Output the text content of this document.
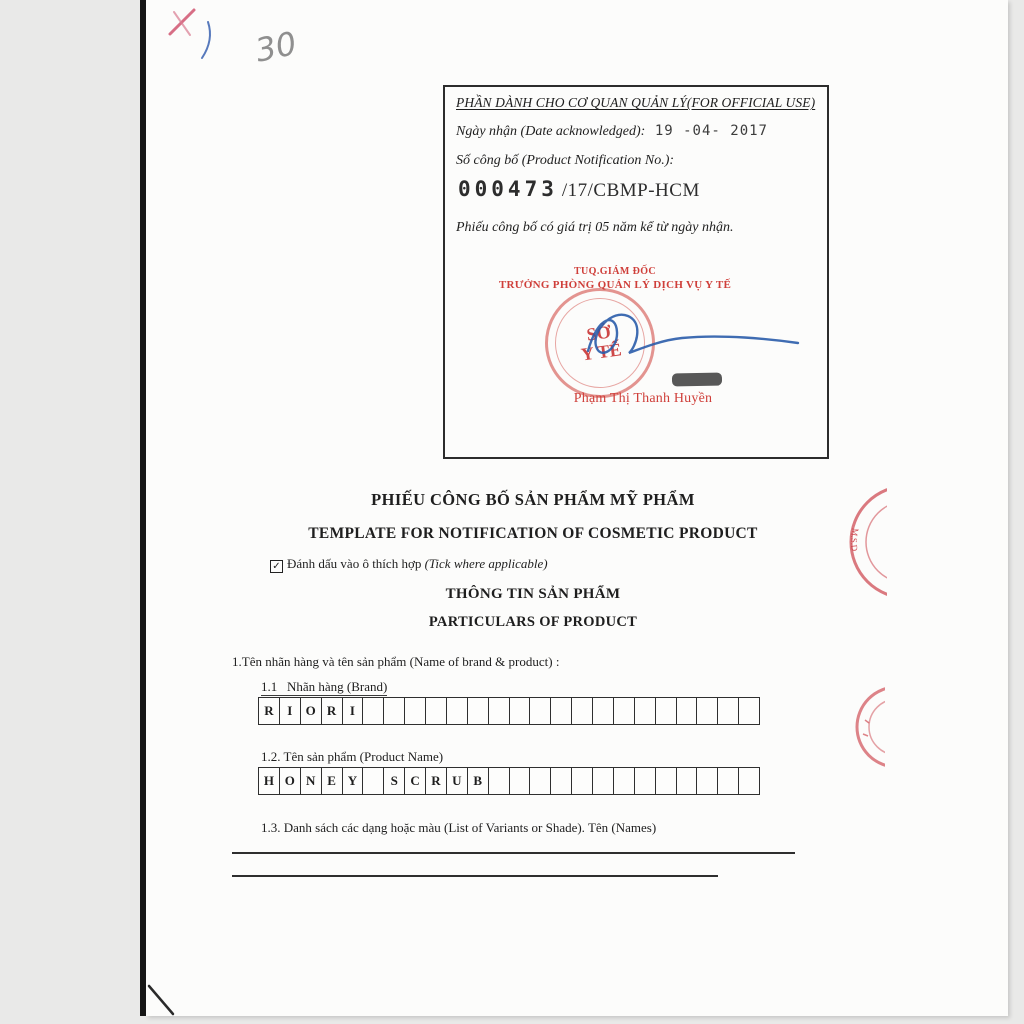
30
PHẦN DÀNH CHO CƠ QUAN QUẢN LÝ(FOR OFFICIAL USE)
Ngày nhận (Date acknowledged): 19 -04- 2017
Số công bố (Product Notification No.):
000473 /17/CBMP-HCM
Phiếu công bố có giá trị 05 năm kể từ ngày nhận.
TUQ.GIÁM ĐỐC
TRƯỞNG PHÒNG QUẢN LÝ DỊCH VỤ Y TẾ
SỞ
Y TẾ
Phạm Thị Thanh Huyền
PHIẾU CÔNG BỐ SẢN PHẨM MỸ PHẨM
TEMPLATE FOR NOTIFICATION OF COSMETIC PRODUCT
✓ Đánh dấu vào ô thích hợp (Tick where applicable)
THÔNG TIN SẢN PHẨM
PARTICULARS OF PRODUCT
1.Tên nhãn hàng và tên sản phẩm (Name of brand & product) :
1.1   Nhãn hàng (Brand)
R	I	O R	I
1.2. Tên sản phẩm (Product Name)
H O N E Y	S C R U B
1.3. Danh sách các dạng hoặc màu (List of Variants or Shade). Tên (Names)
M.S.D
